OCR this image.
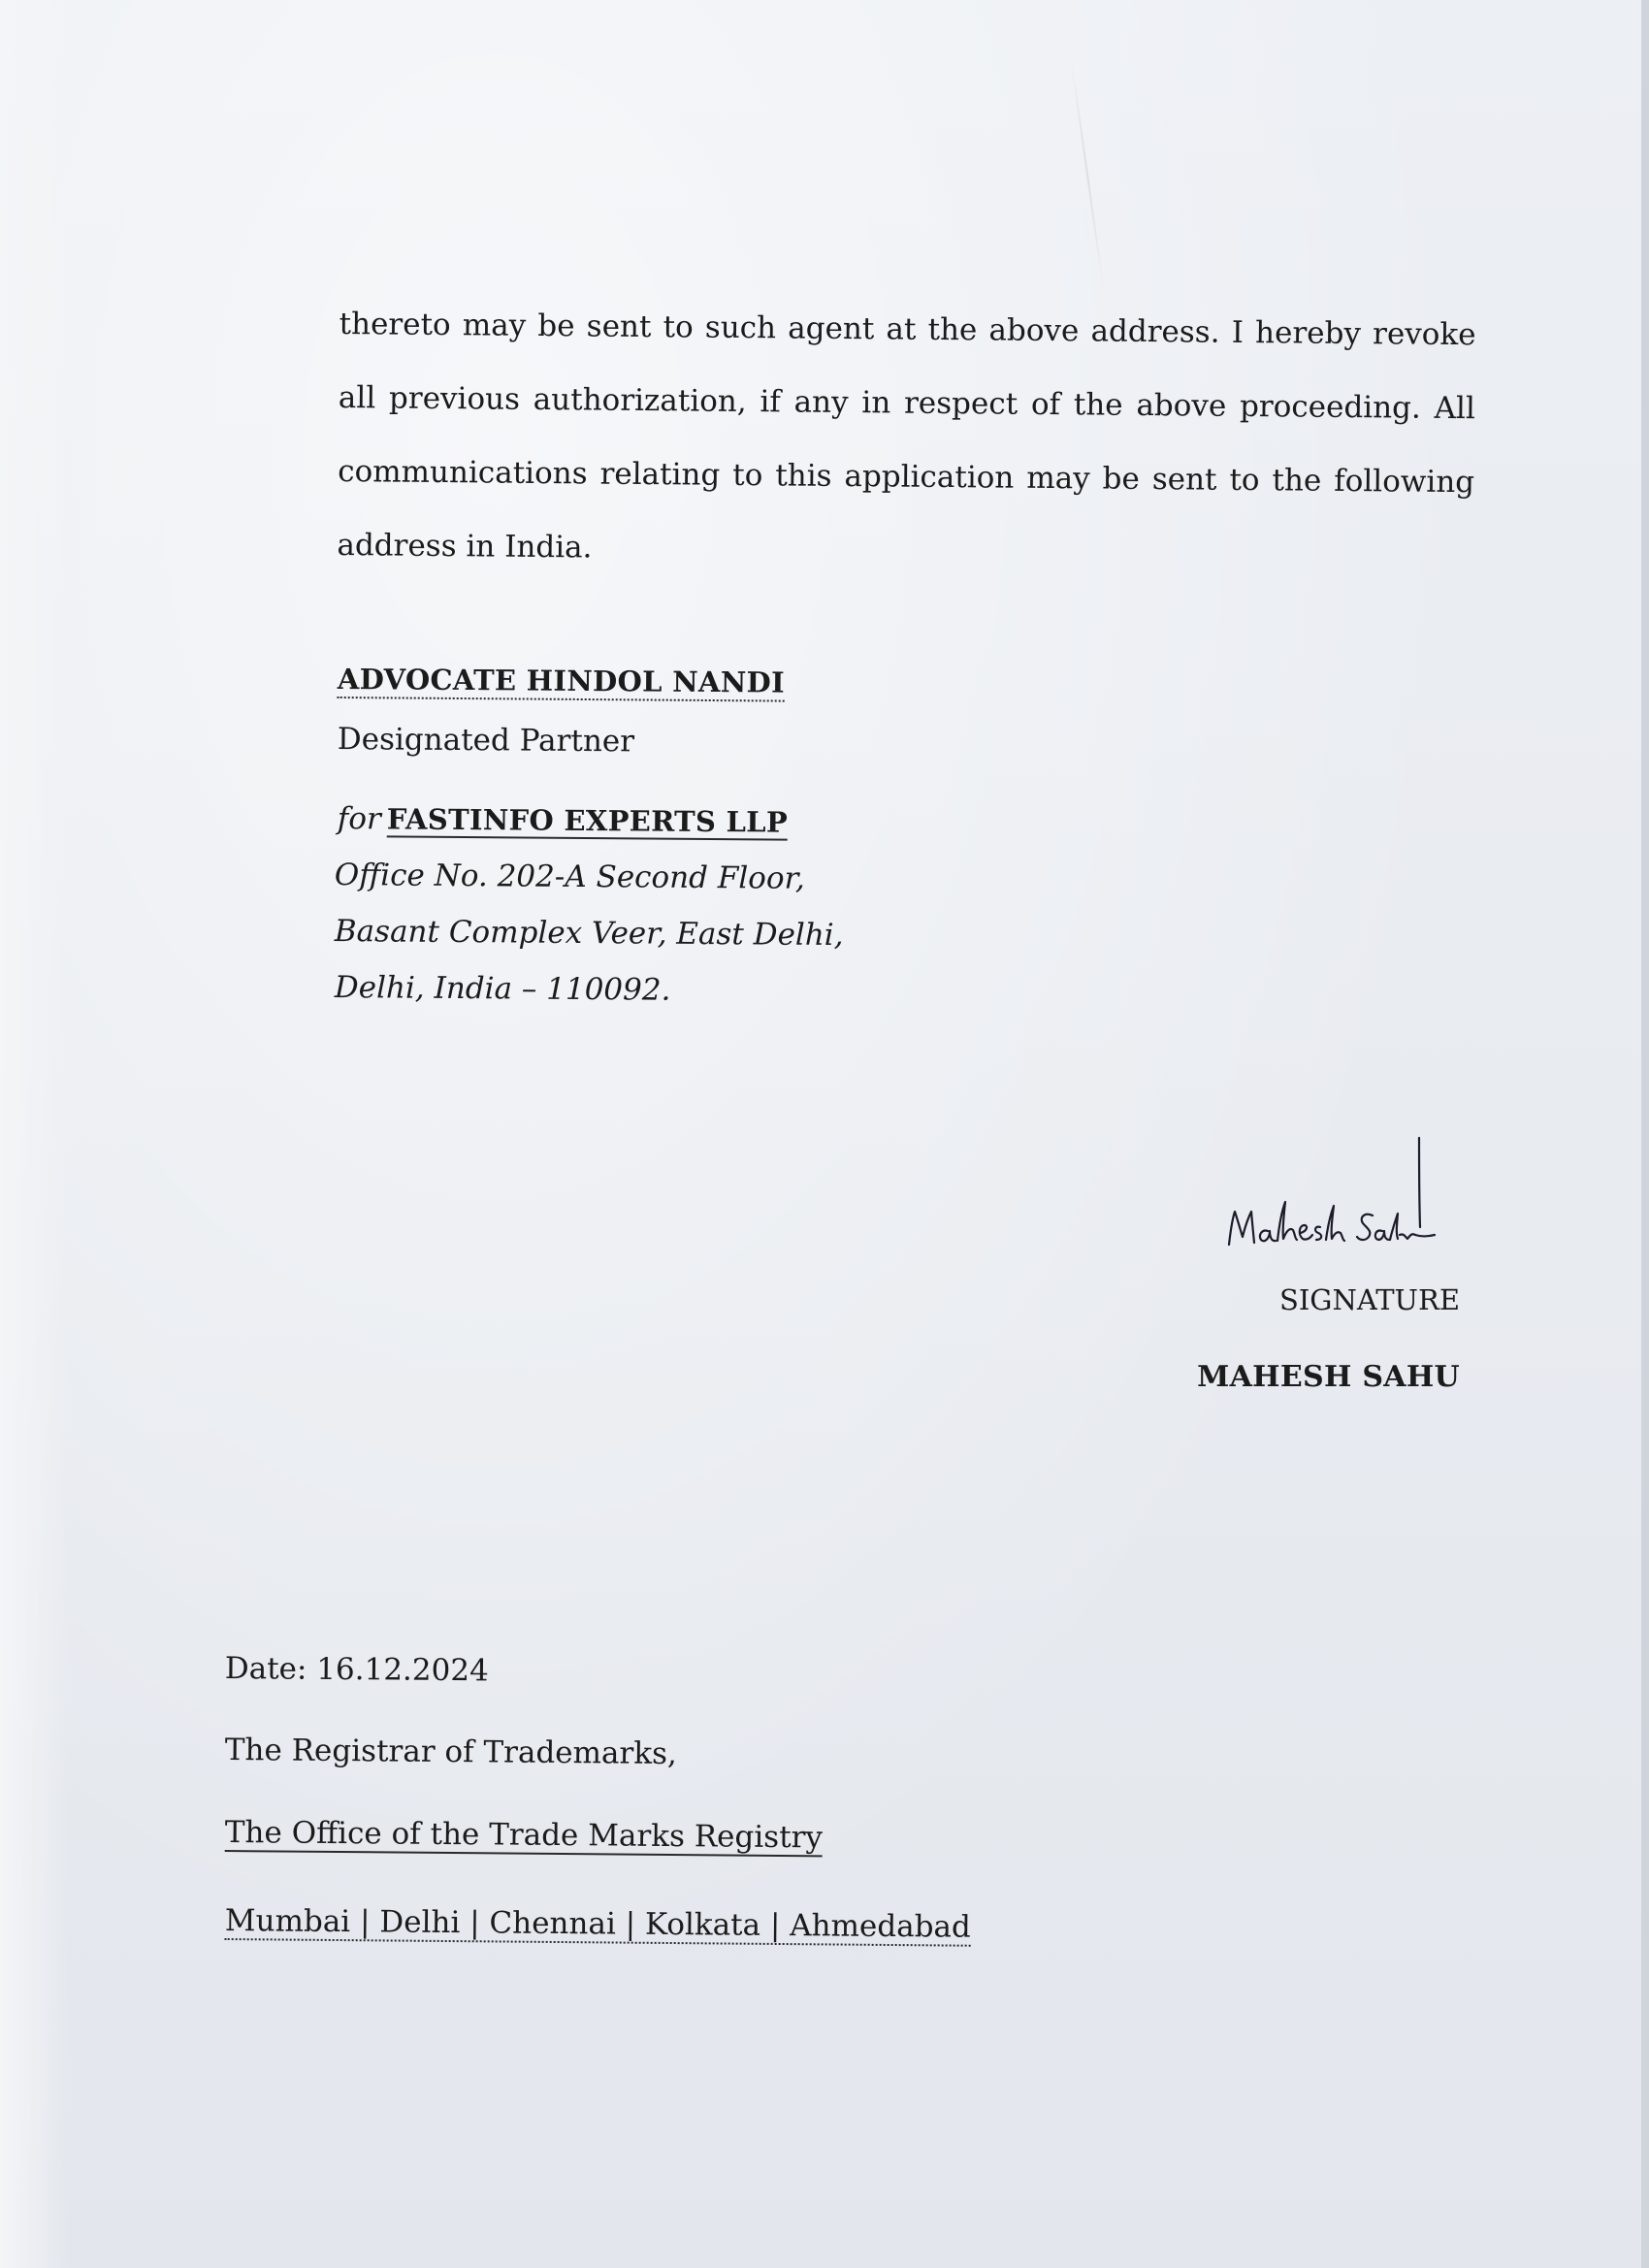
thereto may be sent to such agent at the above address. I hereby revoke all previous authorization, if any in respect of the above proceeding. All communications relating to this application may be sent to the following address in India.

ADVOCATE HINDOL NANDI
Designated Partner
for FASTINFO EXPERTS LLP
Office No. 202-A Second Floor,
Basant Complex Veer, East Delhi,
Delhi, India – 110092.
SIGNATURE
MAHESH SAHU
Date: 16.12.2024
The Registrar of Trademarks,
The Office of the Trade Marks Registry
Mumbai | Delhi | Chennai | Kolkata | Ahmedabad
